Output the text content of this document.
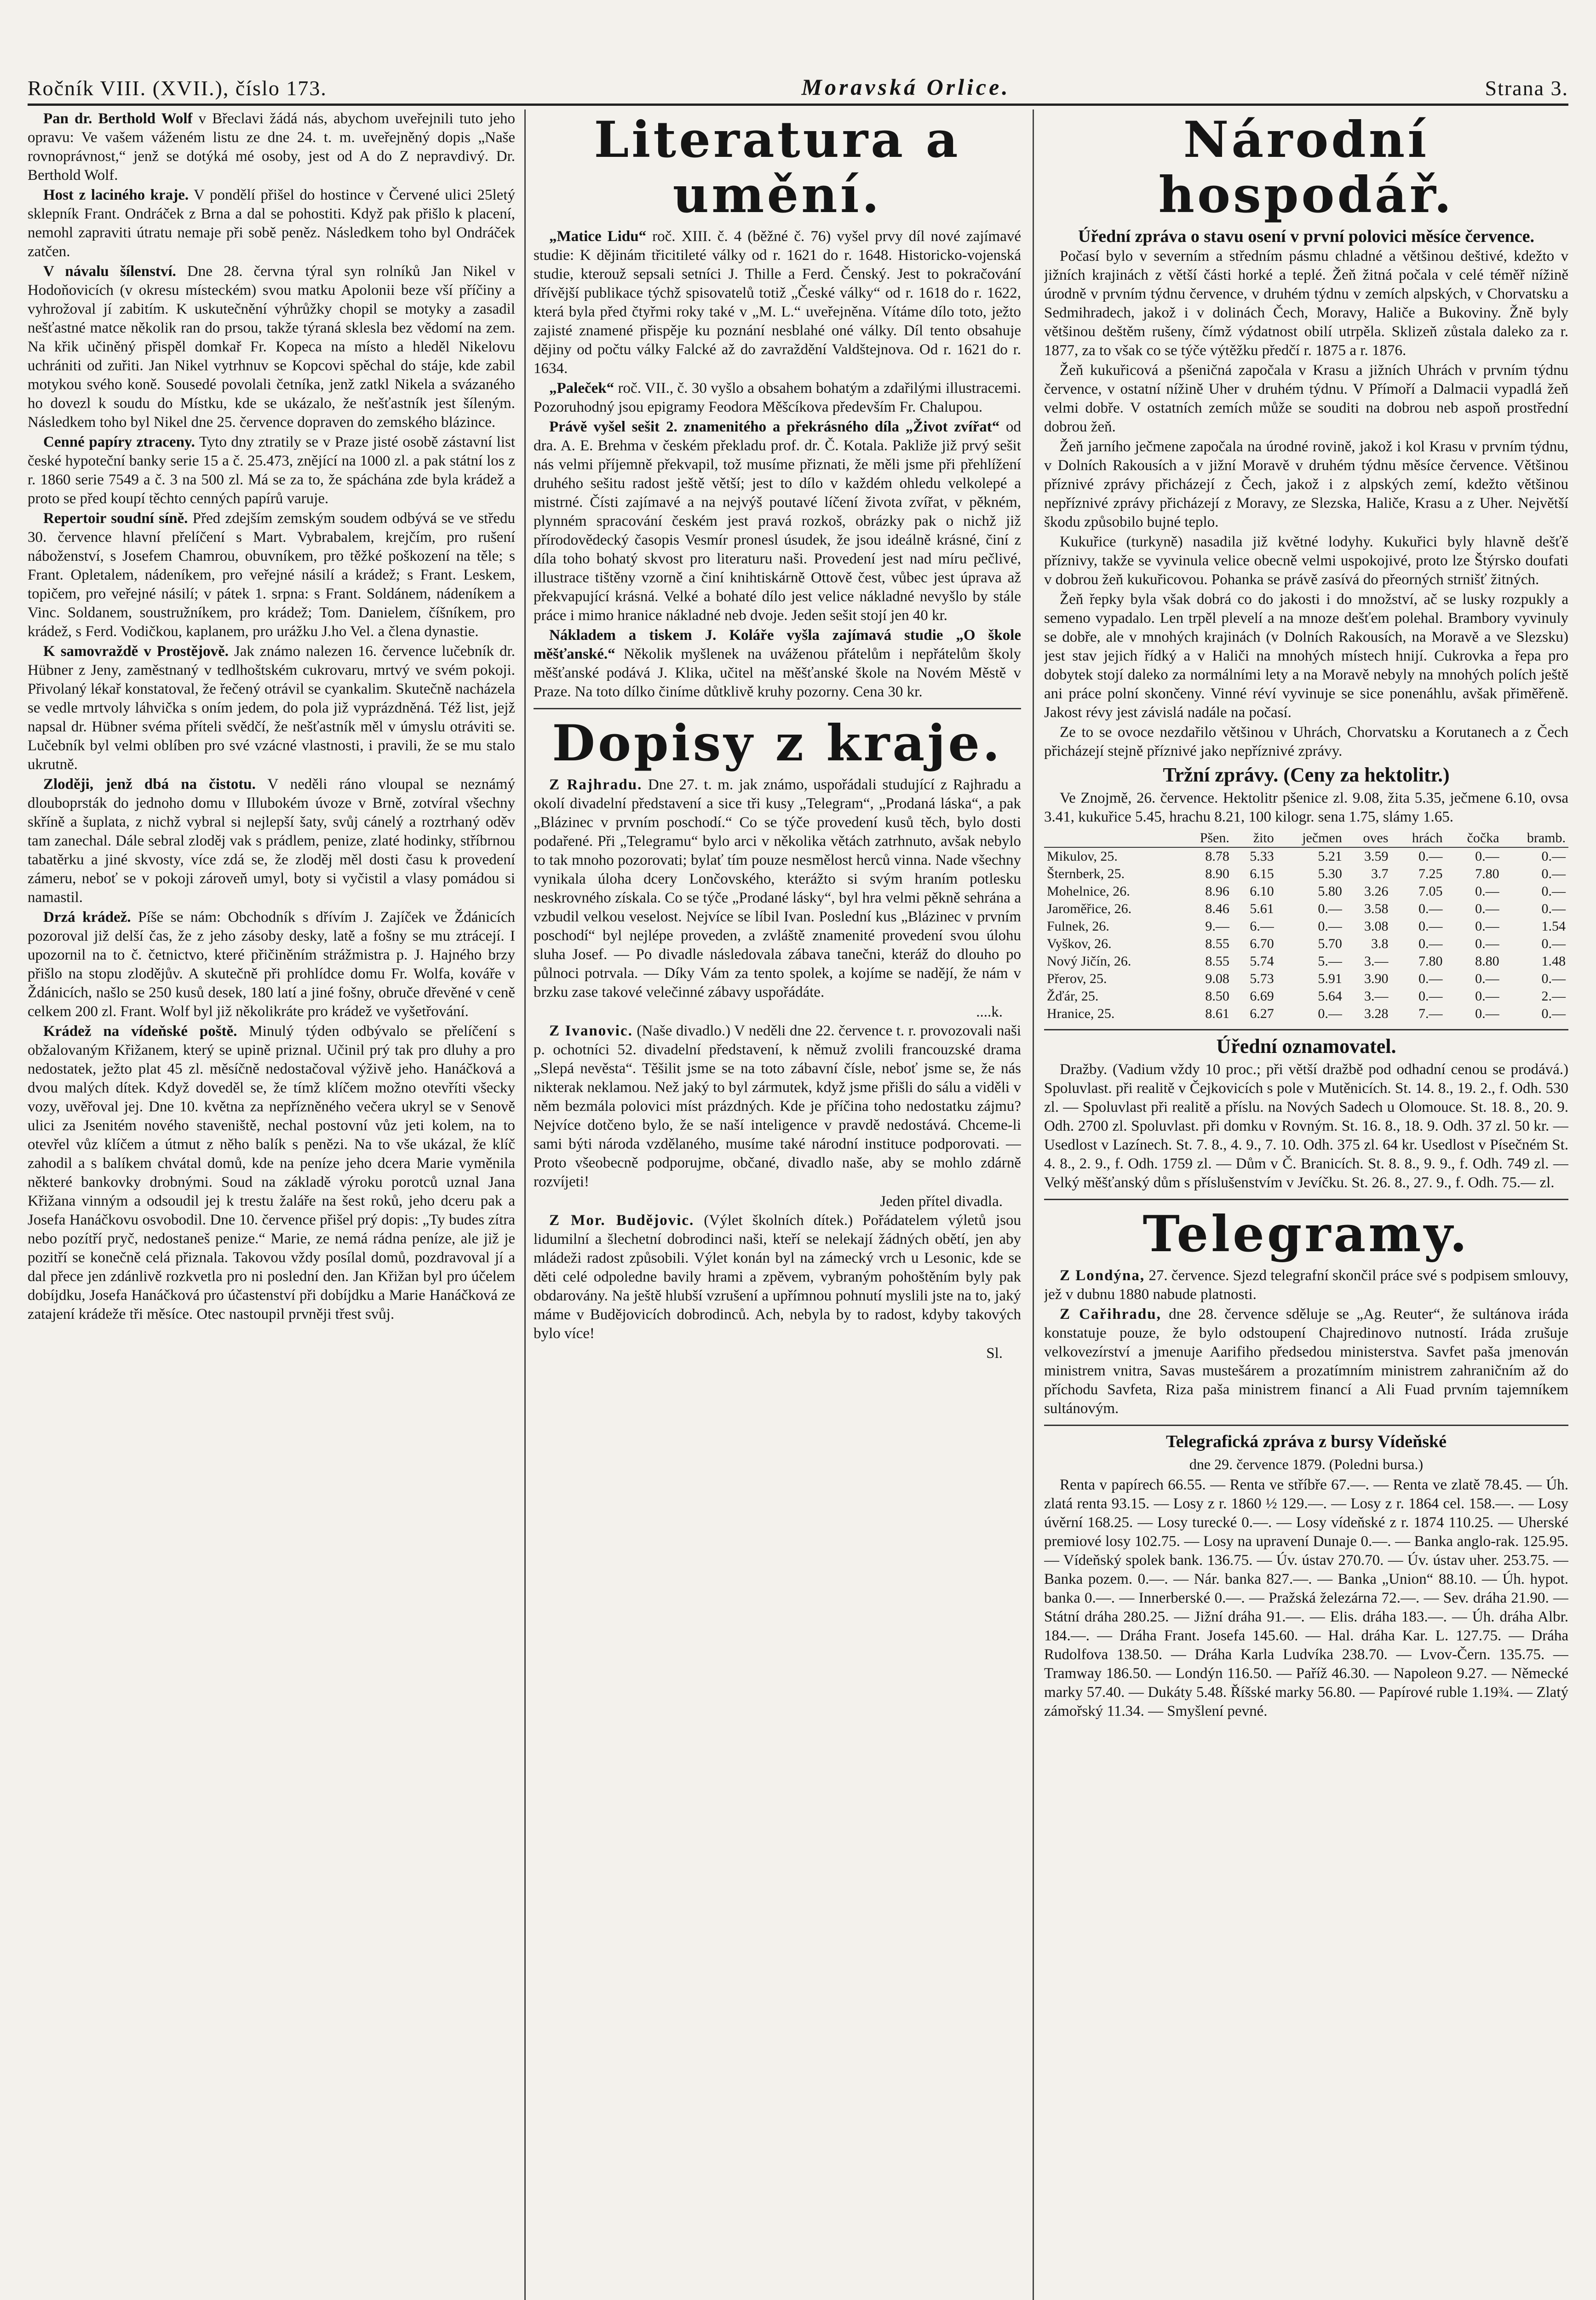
Ročník VIII. (XVII.), číslo 173.	Moravská Orlice.	Strana 3.

Pan dr. Berthold Wolf v Břeclavi žádá nás, abychom uveřejnili tuto jeho opravu: Ve vašem váženém listu ze dne 24. t. m. uveřejněný dopis „Naše rovnoprávnost,“ jenž se dotýká mé osoby, jest od A do Z nepravdivý. Dr. Berthold Wolf.

Host z laciného kraje. V pondělí přišel do hostince v Červené ulici 25letý sklepník Frant. Ondráček z Brna a dal se pohostiti. Když pak přišlo k placení, nemohl zapraviti útratu nemaje při sobě peněz. Následkem toho byl Ondráček zatčen.

V návalu šílenství. Dne 28. června týral syn rolníků Jan Nikel v Hodoňovicích (v okresu místeckém) svou matku Apolonii beze vší příčiny a vyhrožoval jí zabitím. K uskutečnění výhrůžky chopil se motyky a zasadil nešťastné matce několik ran do prsou, takže týraná sklesla bez vědomí na zem. Na křik učiněný přispěl domkař Fr. Kopeca na místo a hleděl Nikelovu uchrániti od zuřiti. Jan Nikel vytrhnuv se Kopcovi spěchal do stáje, kde zabil motykou svého koně. Sousedé povolali četníka, jenž zatkl Nikela a svázaného ho dovezl k soudu do Místku, kde se ukázalo, že nešťastník jest šíleným. Následkem toho byl Nikel dne 25. července dopraven do zemského blázince.

Cenné papíry ztraceny. Tyto dny ztratily se v Praze jisté osobě zástavní list české hypoteční banky serie 15 a č. 25.473, znějící na 1000 zl. a pak státní los z r. 1860 serie 7549 a č. 3 na 500 zl. Má se za to, že spáchána zde byla krádež a proto se před koupí těchto cenných papírů varuje.

Repertoir soudní síně. Před zdejším zemským soudem odbývá se ve středu 30. července hlavní přelíčení s Mart. Vybrabalem, krejčím, pro rušení náboženství, s Josefem Chamrou, obuvníkem, pro těžké poškození na těle; s Frant. Opletalem, nádeníkem, pro veřejné násilí a krádež; s Frant. Leskem, topičem, pro veřejné násilí; v pátek 1. srpna: s Frant. Soldánem, nádeníkem a Vinc. Soldanem, soustružníkem, pro krádež; Tom. Danielem, číšníkem, pro krádež, s Ferd. Vodičkou, kaplanem, pro urážku J.ho Vel. a člena dynastie.

K samovraždě v Prostějově. Jak známo nalezen 16. července lučebník dr. Hübner z Jeny, zaměstnaný v tedlhoštském cukrovaru, mrtvý ve svém pokoji. Přivolaný lékař konstatoval, že řečený otrávil se cyankalim. Skutečně nacházela se vedle mrtvoly láhvička s oním jedem, do pola již vyprázdněná. Též list, jejž napsal dr. Hübner svéma příteli svědčí, že nešťastník měl v úmyslu otráviti se. Lučebník byl velmi oblíben pro své vzácné vlastnosti, i pravili, že se mu stalo ukrutně.

Zloději, jenž dbá na čistotu. V neděli ráno vloupal se neznámý dlouboprsták do jednoho domu v Illubokém úvoze v Brně, zotvíral všechny skříně a šuplata, z nichž vybral si nejlepší šaty, svůj cánelý a roztrhaný oděv tam zanechal. Dále sebral zloděj vak s prádlem, penize, zlaté hodinky, stříbrnou tabatěrku a jiné skvosty, více zdá se, že zloděj měl dosti času k provedení zámeru, neboť se v pokoji zároveň umyl, boty si vyčistil a vlasy pomádou si namastil.

Drzá krádež. Píše se nám: Obchodník s dřívím J. Zajíček ve Ždánicích pozoroval již delší čas, že z jeho zásoby desky, latě a fošny se mu ztrácejí. I upozornil na to č. četnictvo, které přičiněním strážmistra p. J. Hajného brzy přišlo na stopu zlodějův. A skutečně při prohlídce domu Fr. Wolfa, kováře v Ždánicích, našlo se 250 kusů desek, 180 latí a jiné fošny, obruče dřevěné v ceně celkem 200 zl. Frant. Wolf byl již několikráte pro krádež ve vyšetřování.

Krádež na vídeňské poště. Minulý týden odbývalo se přelíčení s obžalovaným Křižanem, který se upině priznal. Učinil prý tak pro dluhy a pro nedostatek, ježto plat 45 zl. měsíčně nedostačoval výživě jeho. Hanáčková a dvou malých dítek. Když doveděl se, že tímž klíčem možno otevříti všecky vozy, uvěřoval jej. Dne 10. května za nepřízněného večera ukryl se v Senově ulici za Jsenitém nového staveniště, nechal postovní vůz jeti kolem, na to otevřel vůz klíčem a útmut z něho balík s penězi. Na to vše ukázal, že klíč zahodil a s balíkem chvátal domů, kde na peníze jeho dcera Marie vyměnila některé bankovky drobnými. Soud na základě výroku porotců uznal Jana Křižana vinným a odsoudil jej k trestu žaláře na šest roků, jeho dceru pak a Josefa Hanáčkovu osvobodil. Dne 10. července přišel prý dopis: „Ty budes zítra nebo pozítří pryč, nedostaneš penize.“ Marie, ze nemá rádna peníze, ale již je pozitří se konečně celá přiznala. Takovou vždy posílal domů, pozdravoval jí a dal přece jen zdánlivě rozkvetla pro ni poslední den. Jan Křižan byl pro účelem dobíjdku, Josefa Hanáčková pro účastenství při dobíjdku a Marie Hanáčková ze zatajení krádeže tři měsíce. Otec nastoupil prvněji třest svůj.

Literatura a umění.

„Matice Lidu“ roč. XIII. č. 4 (běžné č. 76) vyšel prvy díl nové zajímavé studie: K dějinám třicitileté války od r. 1621 do r. 1648. Historicko-vojenská studie, kterouž sepsali setníci J. Thille a Ferd. Čenský. Jest to pokračování dřívější publikace týchž spisovatelů totiž „České války“ od r. 1618 do r. 1622, která byla před čtyřmi roky také v „M. L.“ uveřejněna. Vítáme dílo toto, ježto zajisté znamené přispěje ku poznání nesblahé oné války. Díl tento obsahuje dějiny od počtu války Falcké až do zavraždění Valdštejnova. Od r. 1621 do r. 1634.

„Paleček“ roč. VII., č. 30 vyšlo a obsahem bohatým a zdařilými illustracemi. Pozoruhodný jsou epigramy Feodora Měšcíkova především Fr. Chalupou.

Právě vyšel sešit 2. znamenitého a překrásného díla „Život zvířat“ od dra. A. E. Brehma v českém překladu prof. dr. Č. Kotala. Pakliže již prvý sešit nás velmi příjemně překvapil, tož musíme přiznati, že měli jsme při přehlížení druhého sešitu radost ještě větší; jest to dílo v každém ohledu velkolepé a mistrné. Čísti zajímavé a na nejvýš poutavé líčení života zvířat, v pěkném, plynném spracování českém jest pravá rozkoš, obrázky pak o nichž již přírodovědecký časopis Vesmír pronesl úsudek, že jsou ideálně krásné, činí z díla toho bohatý skvost pro literaturu naši. Provedení jest nad míru pečlivé, illustrace tištěny vzorně a činí knihtiskárně Ottově čest, vůbec jest úprava až překvapující krásná. Velké a bohaté dílo jest velice nákladné nevyšlo by stále práce i mimo hranice nákladné neb dvoje. Jeden sešit stojí jen 40 kr.

Nákladem a tiskem J. Koláře vyšla zajímavá studie „O škole měšťanské.“ Několik myšlenek na uváženou přátelům i nepřátelům školy měšťanské podává J. Klika, učitel na měšťanské škole na Novém Městě v Praze. Na toto dílko činíme důtklivě kruhy pozorny. Cena 30 kr.

Dopisy z kraje.

Z Rajhradu. Dne 27. t. m. jak známo, uspořádali studující z Rajhradu a okolí divadelní představení a sice tři kusy „Telegram“, „Prodaná láska“, a pak „Blázinec v prvním poschodí.“ Co se týče provedení kusů těch, bylo dosti podařené. Při „Telegramu“ bylo arci v několika větách zatrhnuto, avšak nebylo to tak mnoho pozorovati; bylať tím pouze nesmělost herců vinna. Nade všechny vynikala úloha dcery Lončovského, kterážto si svým hraním potlesku neskrovného získala. Co se týče „Prodané lásky“, byl hra velmi pěkně sehrána a vzbudil velkou veselost. Nejvíce se líbil Ivan. Poslední kus „Blázinec v prvním poschodí“ byl nejlépe proveden, a zvláště znamenité provedení svou úlohu sluha Josef. — Po divadle následovala zábava tanečni, kteráž do dlouho po půlnoci potrvala. — Díky Vám za tento spolek, a kojíme se nadějí, že nám v brzku zase takové velečinné zábavy uspořádáte.

....k.

Z Ivanovic. (Naše divadlo.) V neděli dne 22. července t. r. provozovali naši p. ochotníci 52. divadelní představení, k němuž zvolili francouzské drama „Slepá nevěsta“. Těšilit jsme se na toto zábavní čísle, neboť jsme se, že nás nikterak neklamou. Než jaký to byl zármutek, když jsme přišli do sálu a viděli v něm bezmála polovici míst prázdných. Kde je příčina toho nedostatku zájmu? Nejvíce dotčeno bylo, že se naší inteligence v pravdě nedostává. Chceme-li sami býti národa vzdělaného, musíme také národní instituce podporovati. — Proto všeobecně podporujme, občané, divadlo naše, aby se mohlo zdárně rozvíjeti!

Jeden přítel divadla.

Z Mor. Budějovic. (Výlet školních dítek.) Pořádatelem výletů jsou lidumilní a šlechetní dobrodinci naši, kteří se nelekají žádných obětí, jen aby mládeži radost způsobili. Výlet konán byl na zámecký vrch u Lesonic, kde se děti celé odpoledne bavily hrami a zpěvem, vybraným pohoštěním byly pak obdarovány. Na ještě hlubší vzrušení a upřímnou pohnutí myslili jste na to, jaký máme v Budějovicích dobrodinců. Ach, nebyla by to radost, kdyby takových bylo více!

Sl.
Národní hospodář.

Úřední zpráva o stavu osení v první polovici měsíce července.

Počasí bylo v severním a středním pásmu chladné a většinou deštivé, kdežto v jižních krajinách z větší části horké a teplé. Žeň žitná počala v celé téměř nížině úrodně v prvním týdnu července, v druhém týdnu v zemích alpských, v Chorvatsku a Sedmihradech, jakož i v dolinách Čech, Moravy, Haliče a Bukoviny. Žně byly většinou deštěm rušeny, čímž výdatnost obilí utrpěla. Sklizeň zůstala daleko za r. 1877, za to však co se týče výtěžku předčí r. 1875 a r. 1876.

Žeň kukuřicová a pšeničná započala v Krasu a jižních Uhrách v prvním týdnu července, v ostatní nížině Uher v druhém týdnu. V Přímoří a Dalmacii vypadlá žeň velmi dobře. V ostatních zemích může se souditi na dobrou neb aspoň prostřední dobrou žeň.

Žeň jarního ječmene započala na úrodné rovině, jakož i kol Krasu v prvním týdnu, v Dolních Rakousích a v jižní Moravě v druhém týdnu měsíce července. Většinou příznivé zprávy přicházejí z Čech, jakož i z alpských zemí, kdežto většinou nepříznivé zprávy přicházejí z Moravy, ze Slezska, Haliče, Krasu a z Uher. Největší škodu způsobilo bujné teplo.

Kukuřice (turkyně) nasadila již květné lodyhy. Kukuřici byly hlavně dešťě příznivy, takže se vyvinula velice obecně velmi uspokojivé, proto lze Štýrsko doufati v dobrou žeň kukuřicovou. Pohanka se právě zasívá do přeorných strnišť žitných.

Žeň řepky byla však dobrá co do jakosti i do množství, ač se lusky rozpukly a semeno vypadalo. Len trpěl plevelí a na mnoze dešťem polehal. Brambory vyvinuly se dobře, ale v mnohých krajinách (v Dolních Rakousích, na Moravě a ve Slezsku) jest stav jejich řídký a v Haliči na mnohých místech hnijí. Cukrovka a řepa pro dobytek stojí daleko za normálními lety a na Moravě nebyly na mnohých polích ještě ani práce polní skončeny. Vinné réví vyvinuje se sice ponenáhlu, avšak přiměřeně. Jakost révy jest závislá nadále na počasí.

Ze to se ovoce nezdařilo většinou v Uhrách, Chorvatsku a Korutanech a z Čech přicházejí stejně příznivé jako nepříznivé zprávy.

Tržní zprávy. (Ceny za hektolitr.)

Ve Znojmě, 26. července. Hektolitr pšenice zl. 9.08, žita 5.35, ječmene 6.10, ovsa 3.41, kukuřice 5.45, hrachu 8.21, 100 kilogr. sena 1.75, slámy 1.65.

	Pšen.	žito	ječmen	oves	hrách	čočka	bramb.
Mikulov, 25.	8.78	5.33	5.21	3.59	0.—	0.—	0.—
Šternberk, 25.	8.90	6.15	5.30	3.7	7.25	7.80	0.—
Mohelnice, 26.	8.96	6.10	5.80	3.26	7.05	0.—	0.—
Jaroměřice, 26.	8.46	5.61	0.—	3.58	0.—	0.—	0.—
Fulnek, 26.	9.—	6.—	0.—	3.08	0.—	0.—	1.54
Vyškov, 26.	8.55	6.70	5.70	3.8	0.—	0.—	0.—
Nový Jičín, 26.	8.55	5.74	5.—	3.—	7.80	8.80	1.48
Přerov, 25.	9.08	5.73	5.91	3.90	0.—	0.—	0.—
Žďár, 25.	8.50	6.69	5.64	3.—	0.—	0.—	2.—
Hranice, 25.	8.61	6.27	0.—	3.28	7.—	0.—	0.—
Úřední oznamovatel.

Dražby. (Vadium vždy 10 proc.; při větší dražbě pod odhadní cenou se prodává.) Spoluvlast. při realitě v Čejkovicích s pole v Mutěnicích. St. 14. 8., 19. 2., f. Odh. 530 zl. — Spoluvlast při realitě a příslu. na Nových Sadech u Olomouce. St. 18. 8., 20. 9. Odh. 2700 zl. Spoluvlast. při domku v Rovným. St. 16. 8., 18. 9. Odh. 37 zl. 50 kr. — Usedlost v Lazínech. St. 7. 8., 4. 9., 7. 10. Odh. 375 zl. 64 kr. Usedlost v Písečném St. 4. 8., 2. 9., f. Odh. 1759 zl. — Dům v Č. Branicích. St. 8. 8., 9. 9., f. Odh. 749 zl. — Velký měšťanský dům s příslušenstvím v Jevíčku. St. 26. 8., 27. 9., f. Odh. 75.— zl.

Telegramy.

Z Londýna, 27. července. Sjezd telegrafní skončil práce své s podpisem smlouvy, jež v dubnu 1880 nabude platnosti.

Z Cařihradu, dne 28. července sděluje se „Ag. Reuter“, že sultánova iráda konstatuje pouze, že bylo odstoupení Chajredinovo nutností. Iráda zrušuje velkovezírství a jmenuje Aarifiho předsedou ministerstva. Savfet paša jmenován ministrem vnitra, Savas mustešárem a prozatímním ministrem zahraničním až do příchodu Savfeta, Riza paša ministrem financí a Ali Fuad prvním tajemníkem sultánovým.

Telegrafická zpráva z bursy Vídeňské
dne 29. července 1879. (Poledni bursa.)

Renta v papírech 66.55. — Renta ve stříbře 67.—. — Renta ve zlatě 78.45. — Úh. zlatá renta 93.15. — Losy z r. 1860 ½ 129.—. — Losy z r. 1864 cel. 158.—. — Losy úvěrní 168.25. — Losy turecké 0.—. — Losy vídeňské z r. 1874 110.25. — Uherské premiové losy 102.75. — Losy na upravení Dunaje 0.—. — Banka anglo-rak. 125.95. — Vídeňský spolek bank. 136.75. — Úv. ústav 270.70. — Úv. ústav uher. 253.75. — Banka pozem. 0.—. — Nár. banka 827.—. — Banka „Union“ 88.10. — Úh. hypot. banka 0.—. — Innerberské 0.—. — Pražská železárna 72.—. — Sev. dráha 21.90. — Státní dráha 280.25. — Jižní dráha 91.—. — Elis. dráha 183.—. — Úh. dráha Albr. 184.—. — Dráha Frant. Josefa 145.60. — Hal. dráha Kar. L. 127.75. — Dráha Rudolfova 138.50. — Dráha Karla Ludvíka 238.70. — Lvov-Čern. 135.75. — Tramway 186.50. — Londýn 116.50. — Paříž 46.30. — Napoleon 9.27. — Německé marky 57.40. — Dukáty 5.48. Říšské marky 56.80. — Papírové ruble 1.19¾. — Zlatý zámořský 11.34. — Smyšlení pevné.
